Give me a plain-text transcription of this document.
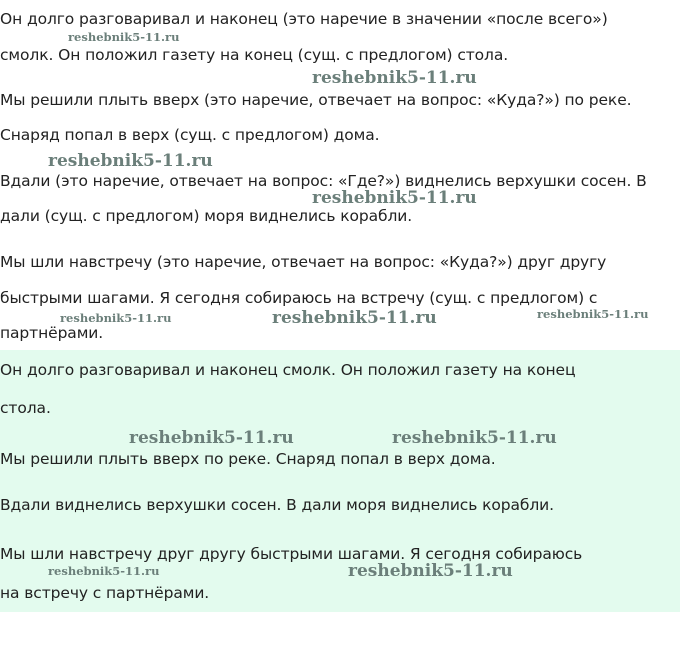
Он долго разговаривал и наконец (это наречие в значении «после всего»)
смолк. Он положил газету на конец (сущ. с предлогом) стола.
Мы решили плыть вверх (это наречие, отвечает на вопрос: «Куда?») по реке.
Снаряд попал в верх (сущ. с предлогом) дома.
Вдали (это наречие, отвечает на вопрос: «Где?») виднелись верхушки сосен. В
дали (сущ. с предлогом) моря виднелись корабли.
Мы шли навстречу (это наречие, отвечает на вопрос: «Куда?») друг другу
быстрыми шагами. Я сегодня собираюсь на встречу (сущ. с предлогом) с
партнёрами.
Он долго разговаривал и наконец смолк. Он положил газету на конец
стола.
Мы решили плыть вверх по реке. Снаряд попал в верх дома.
Вдали виднелись верхушки сосен. В дали моря виднелись корабли.
Мы шли навстречу друг другу быстрыми шагами. Я сегодня собираюсь
на встречу с партнёрами.
reshebnik5-11.ru
reshebnik5-11.ru
reshebnik5-11.ru
reshebnik5-11.ru
reshebnik5-11.ru	reshebnik5-11.ru	reshebnik5-11.ru
reshebnik5-11.ru	reshebnik5-11.ru
reshebnik5-11.ru	reshebnik5-11.ru
